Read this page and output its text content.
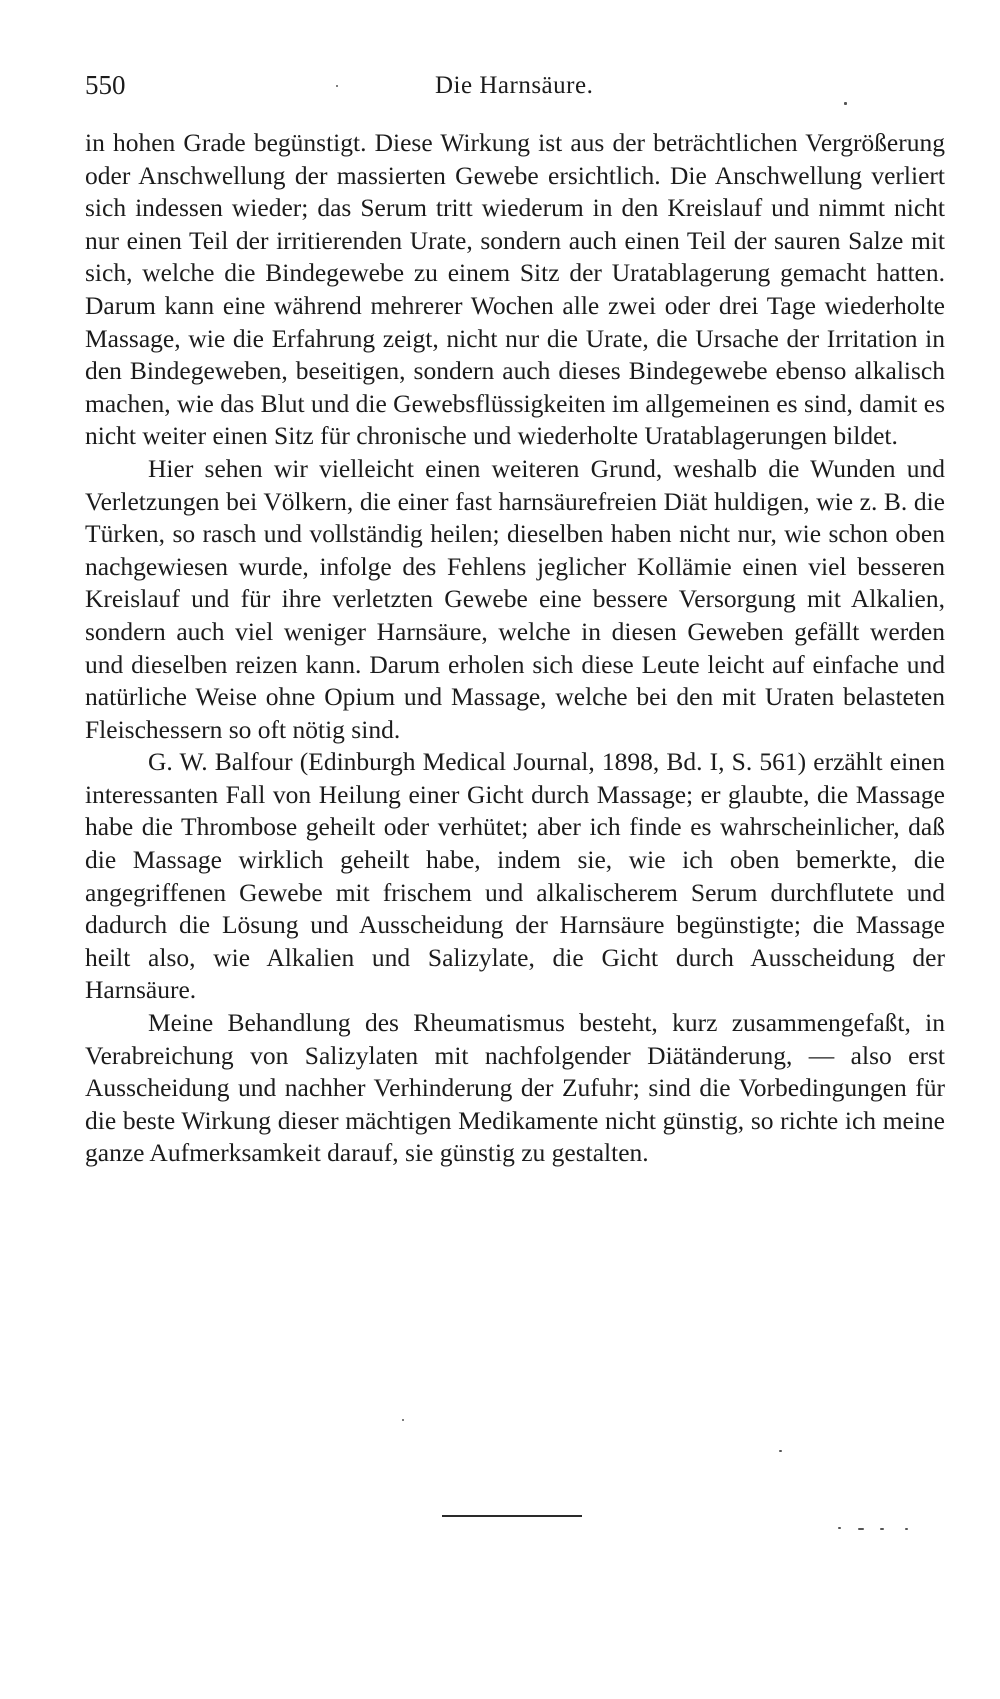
550	Die Harnsäure.

in hohen Grade begünstigt. Diese Wirkung ist aus der beträchtlichen Vergrößerung oder Anschwellung der massierten Gewebe ersichtlich. Die Anschwellung verliert sich indessen wieder; das Serum tritt wiederum in den Kreislauf und nimmt nicht nur einen Teil der irritierenden Urate, sondern auch einen Teil der sauren Salze mit sich, welche die Bindegewebe zu einem Sitz der Uratablagerung gemacht hatten. Darum kann eine während mehrerer Wochen alle zwei oder drei Tage wiederholte Massage, wie die Erfahrung zeigt, nicht nur die Urate, die Ursache der Irritation in den Bindegeweben, beseitigen, sondern auch dieses Bindegewebe ebenso alkalisch machen, wie das Blut und die Gewebsflüssigkeiten im allgemeinen es sind, damit es nicht weiter einen Sitz für chronische und wiederholte Uratablagerungen bildet.

Hier sehen wir vielleicht einen weiteren Grund, weshalb die Wunden und Verletzungen bei Völkern, die einer fast harnsäurefreien Diät huldigen, wie z. B. die Türken, so rasch und vollständig heilen; dieselben haben nicht nur, wie schon oben nachgewiesen wurde, infolge des Fehlens jeglicher Kollämie einen viel besseren Kreislauf und für ihre verletzten Gewebe eine bessere Versorgung mit Alkalien, sondern auch viel weniger Harnsäure, welche in diesen Geweben gefällt werden und dieselben reizen kann. Darum erholen sich diese Leute leicht auf einfache und natürliche Weise ohne Opium und Massage, welche bei den mit Uraten belasteten Fleischessern so oft nötig sind.

G. W. Balfour (Edinburgh Medical Journal, 1898, Bd. I, S. 561) erzählt einen interessanten Fall von Heilung einer Gicht durch Massage; er glaubte, die Massage habe die Thrombose geheilt oder verhütet; aber ich finde es wahrscheinlicher, daß die Massage wirklich geheilt habe, indem sie, wie ich oben bemerkte, die angegriffenen Gewebe mit frischem und alkalischerem Serum durchflutete und dadurch die Lösung und Ausscheidung der Harnsäure begünstigte; die Massage heilt also, wie Alkalien und Salizylate, die Gicht durch Ausscheidung der Harnsäure.

Meine Behandlung des Rheumatismus besteht, kurz zusammengefaßt, in Verabreichung von Salizylaten mit nachfolgender Diätänderung, — also erst Ausscheidung und nachher Verhinderung der Zufuhr; sind die Vorbedingungen für die beste Wirkung dieser mächtigen Medikamente nicht günstig, so richte ich meine ganze Aufmerksamkeit darauf, sie günstig zu gestalten.
